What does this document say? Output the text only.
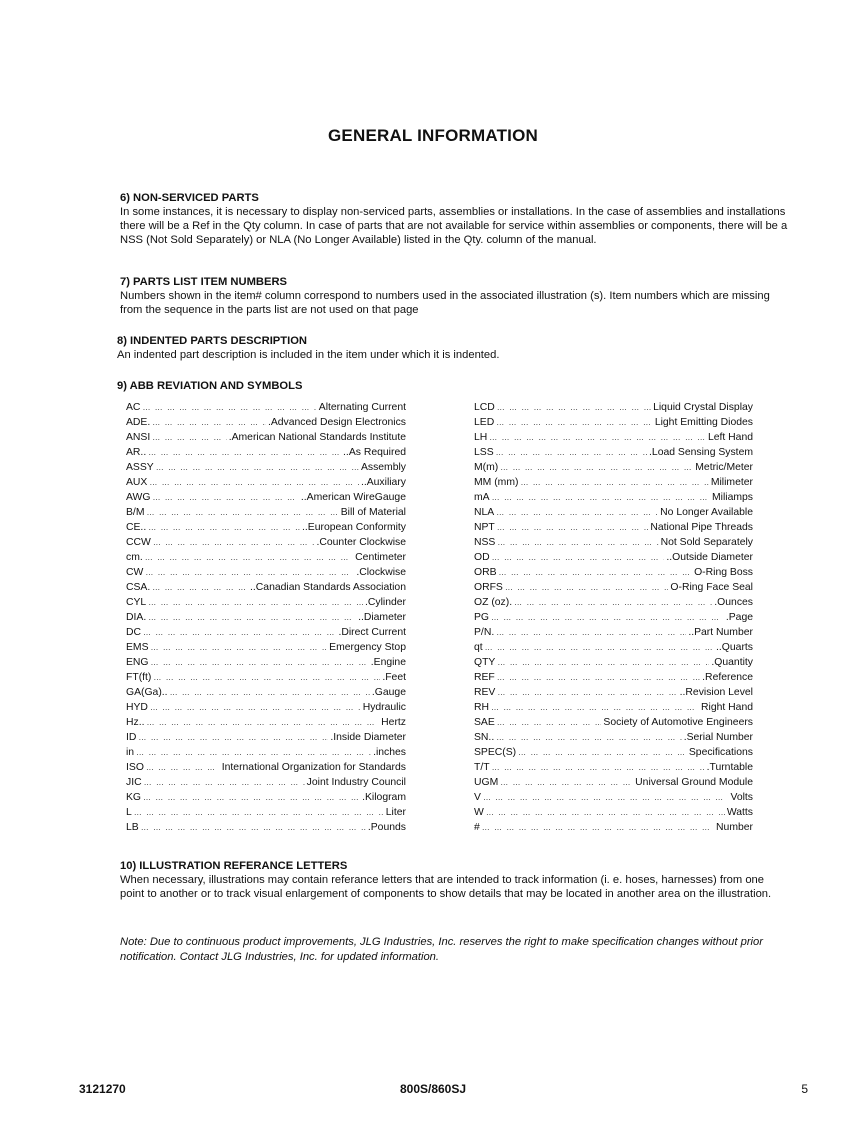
GENERAL INFORMATION
6) NON-SERVICED PARTS

In some instances, it is necessary to display non-serviced parts, assemblies or installations. In the case of assemblies and installations there will be a Ref in the Qty column. In case of parts that are not available for service within assemblies or components, there will be a NSS (Not Sold Separately) or NLA (No Longer Available) listed in the Qty. column of the manual.

7) PARTS LIST ITEM NUMBERS

Numbers shown in the item# column correspond to numbers used in the associated illustration (s). Item numbers which are missing from the sequence in the parts list are not used on that page

8) INDENTED PARTS DESCRIPTION

An indented part description is included in the item under which it is indented.

9) ABB REVIATION AND SYMBOLS
AC … … … … … … … … … … … … … … … … … … … … … … … … … … … … … … … … … … … … … … … … … … … … … …	Alternating Current
ADE. … … … … … … … … … … … … … … … … … … … … … … … … … … … … … … … … … … … … … … … … … … … … … …	.Advanced Design Electronics
ANSI … … … … … … … … … … … … … … … … … … … … … … … … … … … … … … … … … … … … … … … … … … … … … …	.American National Standards Institute
AR.. … … … … … … … … … … … … … … … … … … … … … … … … … … … … … … … … … … … … … … … … … … … … … …	..As Required
ASSY … … … … … … … … … … … … … … … … … … … … … … … … … … … … … … … … … … … … … … … … … … … … … …	Assembly
AUX … … … … … … … … … … … … … … … … … … … … … … … … … … … … … … … … … … … … … … … … … … … … … …	..Auxiliary
AWG … … … … … … … … … … … … … … … … … … … … … … … … … … … … … … … … … … … … … … … … … … … … … …	..American WireGauge
B/M … … … … … … … … … … … … … … … … … … … … … … … … … … … … … … … … … … … … … … … … … … … … … …	Bill of Material
CE.. … … … … … … … … … … … … … … … … … … … … … … … … … … … … … … … … … … … … … … … … … … … … … …	..European Conformity
CCW … … … … … … … … … … … … … … … … … … … … … … … … … … … … … … … … … … … … … … … … … … … … … …	.Counter Clockwise
cm. … … … … … … … … … … … … … … … … … … … … … … … … … … … … … … … … … … … … … … … … … … … … … …	Centimeter
CW … … … … … … … … … … … … … … … … … … … … … … … … … … … … … … … … … … … … … … … … … … … … … …	.Clockwise
CSA. … … … … … … … … … … … … … … … … … … … … … … … … … … … … … … … … … … … … … … … … … … … … … …	..Canadian Standards Association
CYL … … … … … … … … … … … … … … … … … … … … … … … … … … … … … … … … … … … … … … … … … … … … … …	.Cylinder
DIA. … … … … … … … … … … … … … … … … … … … … … … … … … … … … … … … … … … … … … … … … … … … … … …	..Diameter
DC … … … … … … … … … … … … … … … … … … … … … … … … … … … … … … … … … … … … … … … … … … … … … …	.Direct Current
EMS … … … … … … … … … … … … … … … … … … … … … … … … … … … … … … … … … … … … … … … … … … … … … …	Emergency Stop
ENG … … … … … … … … … … … … … … … … … … … … … … … … … … … … … … … … … … … … … … … … … … … … … …	.Engine
FT(ft) … … … … … … … … … … … … … … … … … … … … … … … … … … … … … … … … … … … … … … … … … … … … … …	.Feet
GA(Ga).. … … … … … … … … … … … … … … … … … … … … … … … … … … … … … … … … … … … … … … … … … … … … … …	.Gauge
HYD … … … … … … … … … … … … … … … … … … … … … … … … … … … … … … … … … … … … … … … … … … … … … …	Hydraulic
Hz.. … … … … … … … … … … … … … … … … … … … … … … … … … … … … … … … … … … … … … … … … … … … … … …	Hertz
ID … … … … … … … … … … … … … … … … … … … … … … … … … … … … … … … … … … … … … … … … … … … … … …	.Inside Diameter
in … … … … … … … … … … … … … … … … … … … … … … … … … … … … … … … … … … … … … … … … … … … … … …	.inches
ISO … … … … … … … … … … … … … … … … … … … … … … … … … … … … … … … … … … … … … … … … … … … … … …	International Organization for Standards
JIC … … … … … … … … … … … … … … … … … … … … … … … … … … … … … … … … … … … … … … … … … … … … … …	Joint Industry Council
KG … … … … … … … … … … … … … … … … … … … … … … … … … … … … … … … … … … … … … … … … … … … … … …	.Kilogram
L … … … … … … … … … … … … … … … … … … … … … … … … … … … … … … … … … … … … … … … … … … … … … …	Liter
LB … … … … … … … … … … … … … … … … … … … … … … … … … … … … … … … … … … … … … … … … … … … … … …	.Pounds
LCD … … … … … … … … … … … … … … … … … … … … … … … … … … … … … … … … … … … … … … … … … … … … … …	Liquid Crystal Display
LED … … … … … … … … … … … … … … … … … … … … … … … … … … … … … … … … … … … … … … … … … … … … … …	Light Emitting Diodes
LH … … … … … … … … … … … … … … … … … … … … … … … … … … … … … … … … … … … … … … … … … … … … … …	Left Hand
LSS … … … … … … … … … … … … … … … … … … … … … … … … … … … … … … … … … … … … … … … … … … … … … …	.Load Sensing System
M(m) … … … … … … … … … … … … … … … … … … … … … … … … … … … … … … … … … … … … … … … … … … … … … …	Metric/Meter
MM (mm) … … … … … … … … … … … … … … … … … … … … … … … … … … … … … … … … … … … … … … … … … … … … … …	Milimeter
mA … … … … … … … … … … … … … … … … … … … … … … … … … … … … … … … … … … … … … … … … … … … … … …	Miliamps
NLA … … … … … … … … … … … … … … … … … … … … … … … … … … … … … … … … … … … … … … … … … … … … … …	No Longer Available
NPT … … … … … … … … … … … … … … … … … … … … … … … … … … … … … … … … … … … … … … … … … … … … … …	National Pipe Threads
NSS … … … … … … … … … … … … … … … … … … … … … … … … … … … … … … … … … … … … … … … … … … … … … …	Not Sold Separately
OD … … … … … … … … … … … … … … … … … … … … … … … … … … … … … … … … … … … … … … … … … … … … … …	..Outside Diameter
ORB … … … … … … … … … … … … … … … … … … … … … … … … … … … … … … … … … … … … … … … … … … … … … …	O-Ring Boss
ORFS … … … … … … … … … … … … … … … … … … … … … … … … … … … … … … … … … … … … … … … … … … … … … …	O-Ring Face Seal
OZ (oz). … … … … … … … … … … … … … … … … … … … … … … … … … … … … … … … … … … … … … … … … … … … … … …	.Ounces
PG … … … … … … … … … … … … … … … … … … … … … … … … … … … … … … … … … … … … … … … … … … … … … …	.Page
P/N. … … … … … … … … … … … … … … … … … … … … … … … … … … … … … … … … … … … … … … … … … … … … … …	..Part Number
qt … … … … … … … … … … … … … … … … … … … … … … … … … … … … … … … … … … … … … … … … … … … … … …	..Quarts
QTY … … … … … … … … … … … … … … … … … … … … … … … … … … … … … … … … … … … … … … … … … … … … … …	.Quantity
REF … … … … … … … … … … … … … … … … … … … … … … … … … … … … … … … … … … … … … … … … … … … … … …	.Reference
REV … … … … … … … … … … … … … … … … … … … … … … … … … … … … … … … … … … … … … … … … … … … … … …	..Revision Level
RH … … … … … … … … … … … … … … … … … … … … … … … … … … … … … … … … … … … … … … … … … … … … … …	Right Hand
SAE … … … … … … … … … … … … … … … … … … … … … … … … … … … … … … … … … … … … … … … … … … … … … …	Society of Automotive Engineers
SN.. … … … … … … … … … … … … … … … … … … … … … … … … … … … … … … … … … … … … … … … … … … … … … …	.Serial Number
SPEC(S) … … … … … … … … … … … … … … … … … … … … … … … … … … … … … … … … … … … … … … … … … … … … … …	Specifications
T/T … … … … … … … … … … … … … … … … … … … … … … … … … … … … … … … … … … … … … … … … … … … … … …	.Turntable
UGM … … … … … … … … … … … … … … … … … … … … … … … … … … … … … … … … … … … … … … … … … … … … … …	Universal Ground Module
V … … … … … … … … … … … … … … … … … … … … … … … … … … … … … … … … … … … … … … … … … … … … … …	Volts
W … … … … … … … … … … … … … … … … … … … … … … … … … … … … … … … … … … … … … … … … … … … … … …	Watts
# … … … … … … … … … … … … … … … … … … … … … … … … … … … … … … … … … … … … … … … … … … … … … …	Number
10) ILLUSTRATION REFERANCE LETTERS

When necessary, illustrations may contain referance letters that are intended to track information (i. e. hoses, harnesses) from one point to another or to track visual enlargement of components to show details that may be located in another area on the illustration.

Note: Due to continuous product improvements, JLG Industries, Inc. reserves the right to make specification changes without prior notification. Contact JLG Industries, Inc. for updated information.
3121270	800S/860SJ	5
